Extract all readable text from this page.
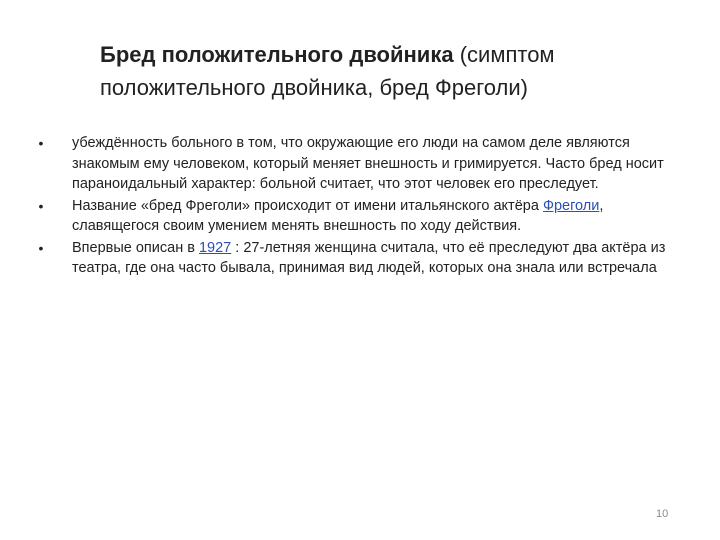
Бред положительного двойника (симптом положительного двойника, бред Фреголи)
• убеждённость больного в том, что окружающие его люди на самом деле являются знакомым ему человеком, который меняет внешность и гримируется. Часто бред носит параноидальный характер: больной считает, что этот человек его преследует.
• Название «бред Фреголи» происходит от имени итальянского актёра Фреголи, славящегося своим умением менять внешность по ходу действия.
• Впервые описан в 1927 : 27-летняя женщина считала, что её преследуют два актёра из театра, где она часто бывала, принимая вид людей, которых она знала или встречала
10
